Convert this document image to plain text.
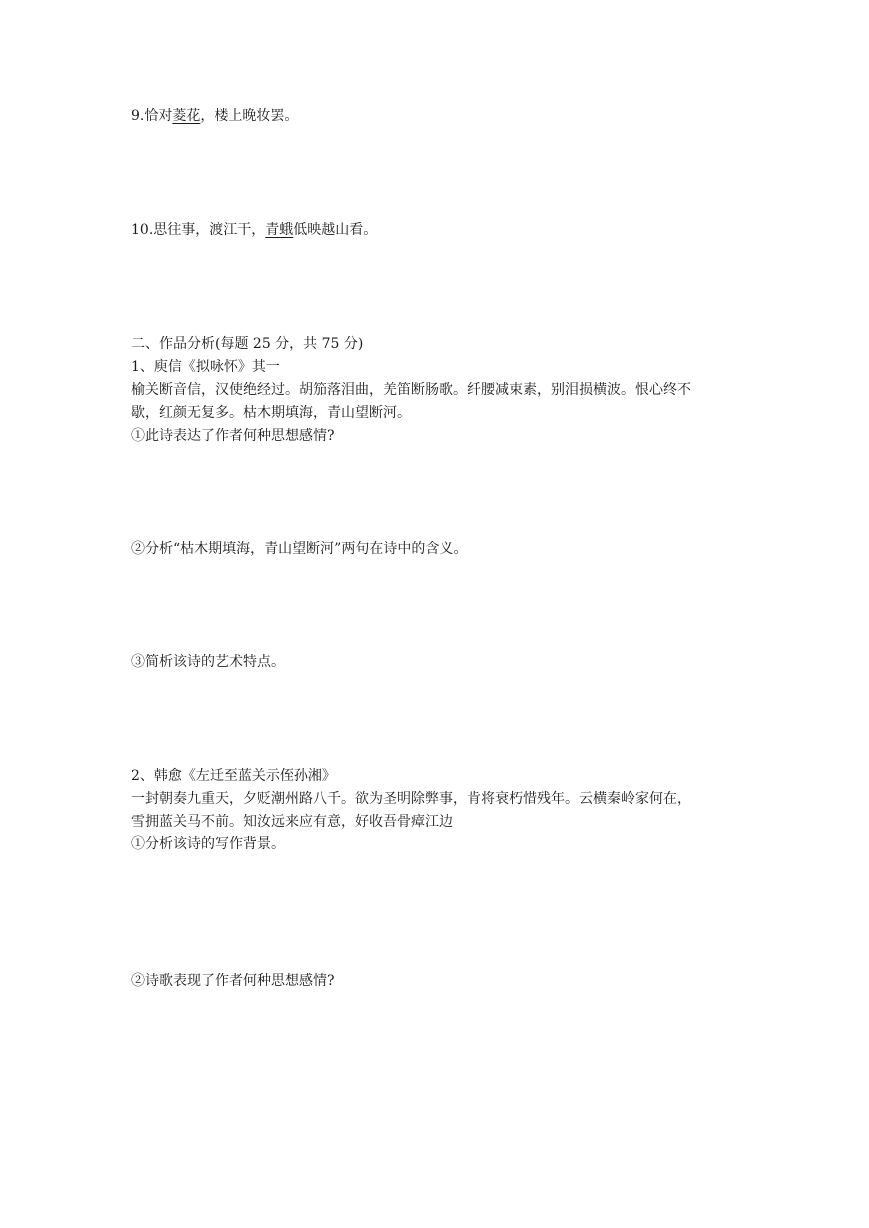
9.恰对菱花，楼上晚妆罢。
10.思往事，渡江干，青蛾低映越山看。
二、作品分析(每题 25 分，共 75 分)
1、庾信《拟咏怀》其一
榆关断音信，汉使绝经过。胡笳落泪曲，羌笛断肠歌。纤腰减束素，别泪损横波。恨心终不
歇，红颜无复多。枯木期填海，青山望断河。
①此诗表达了作者何种思想感情?
②分析“枯木期填海，青山望断河”两句在诗中的含义。
③简析该诗的艺术特点。
2、韩愈《左迁至蓝关示侄孙湘》
一封朝奏九重天，夕贬潮州路八千。欲为圣明除弊事，肯将衰朽惜残年。云横秦岭家何在，
雪拥蓝关马不前。知汝远来应有意，好收吾骨瘴江边
①分析该诗的写作背景。
②诗歌表现了作者何种思想感情?
